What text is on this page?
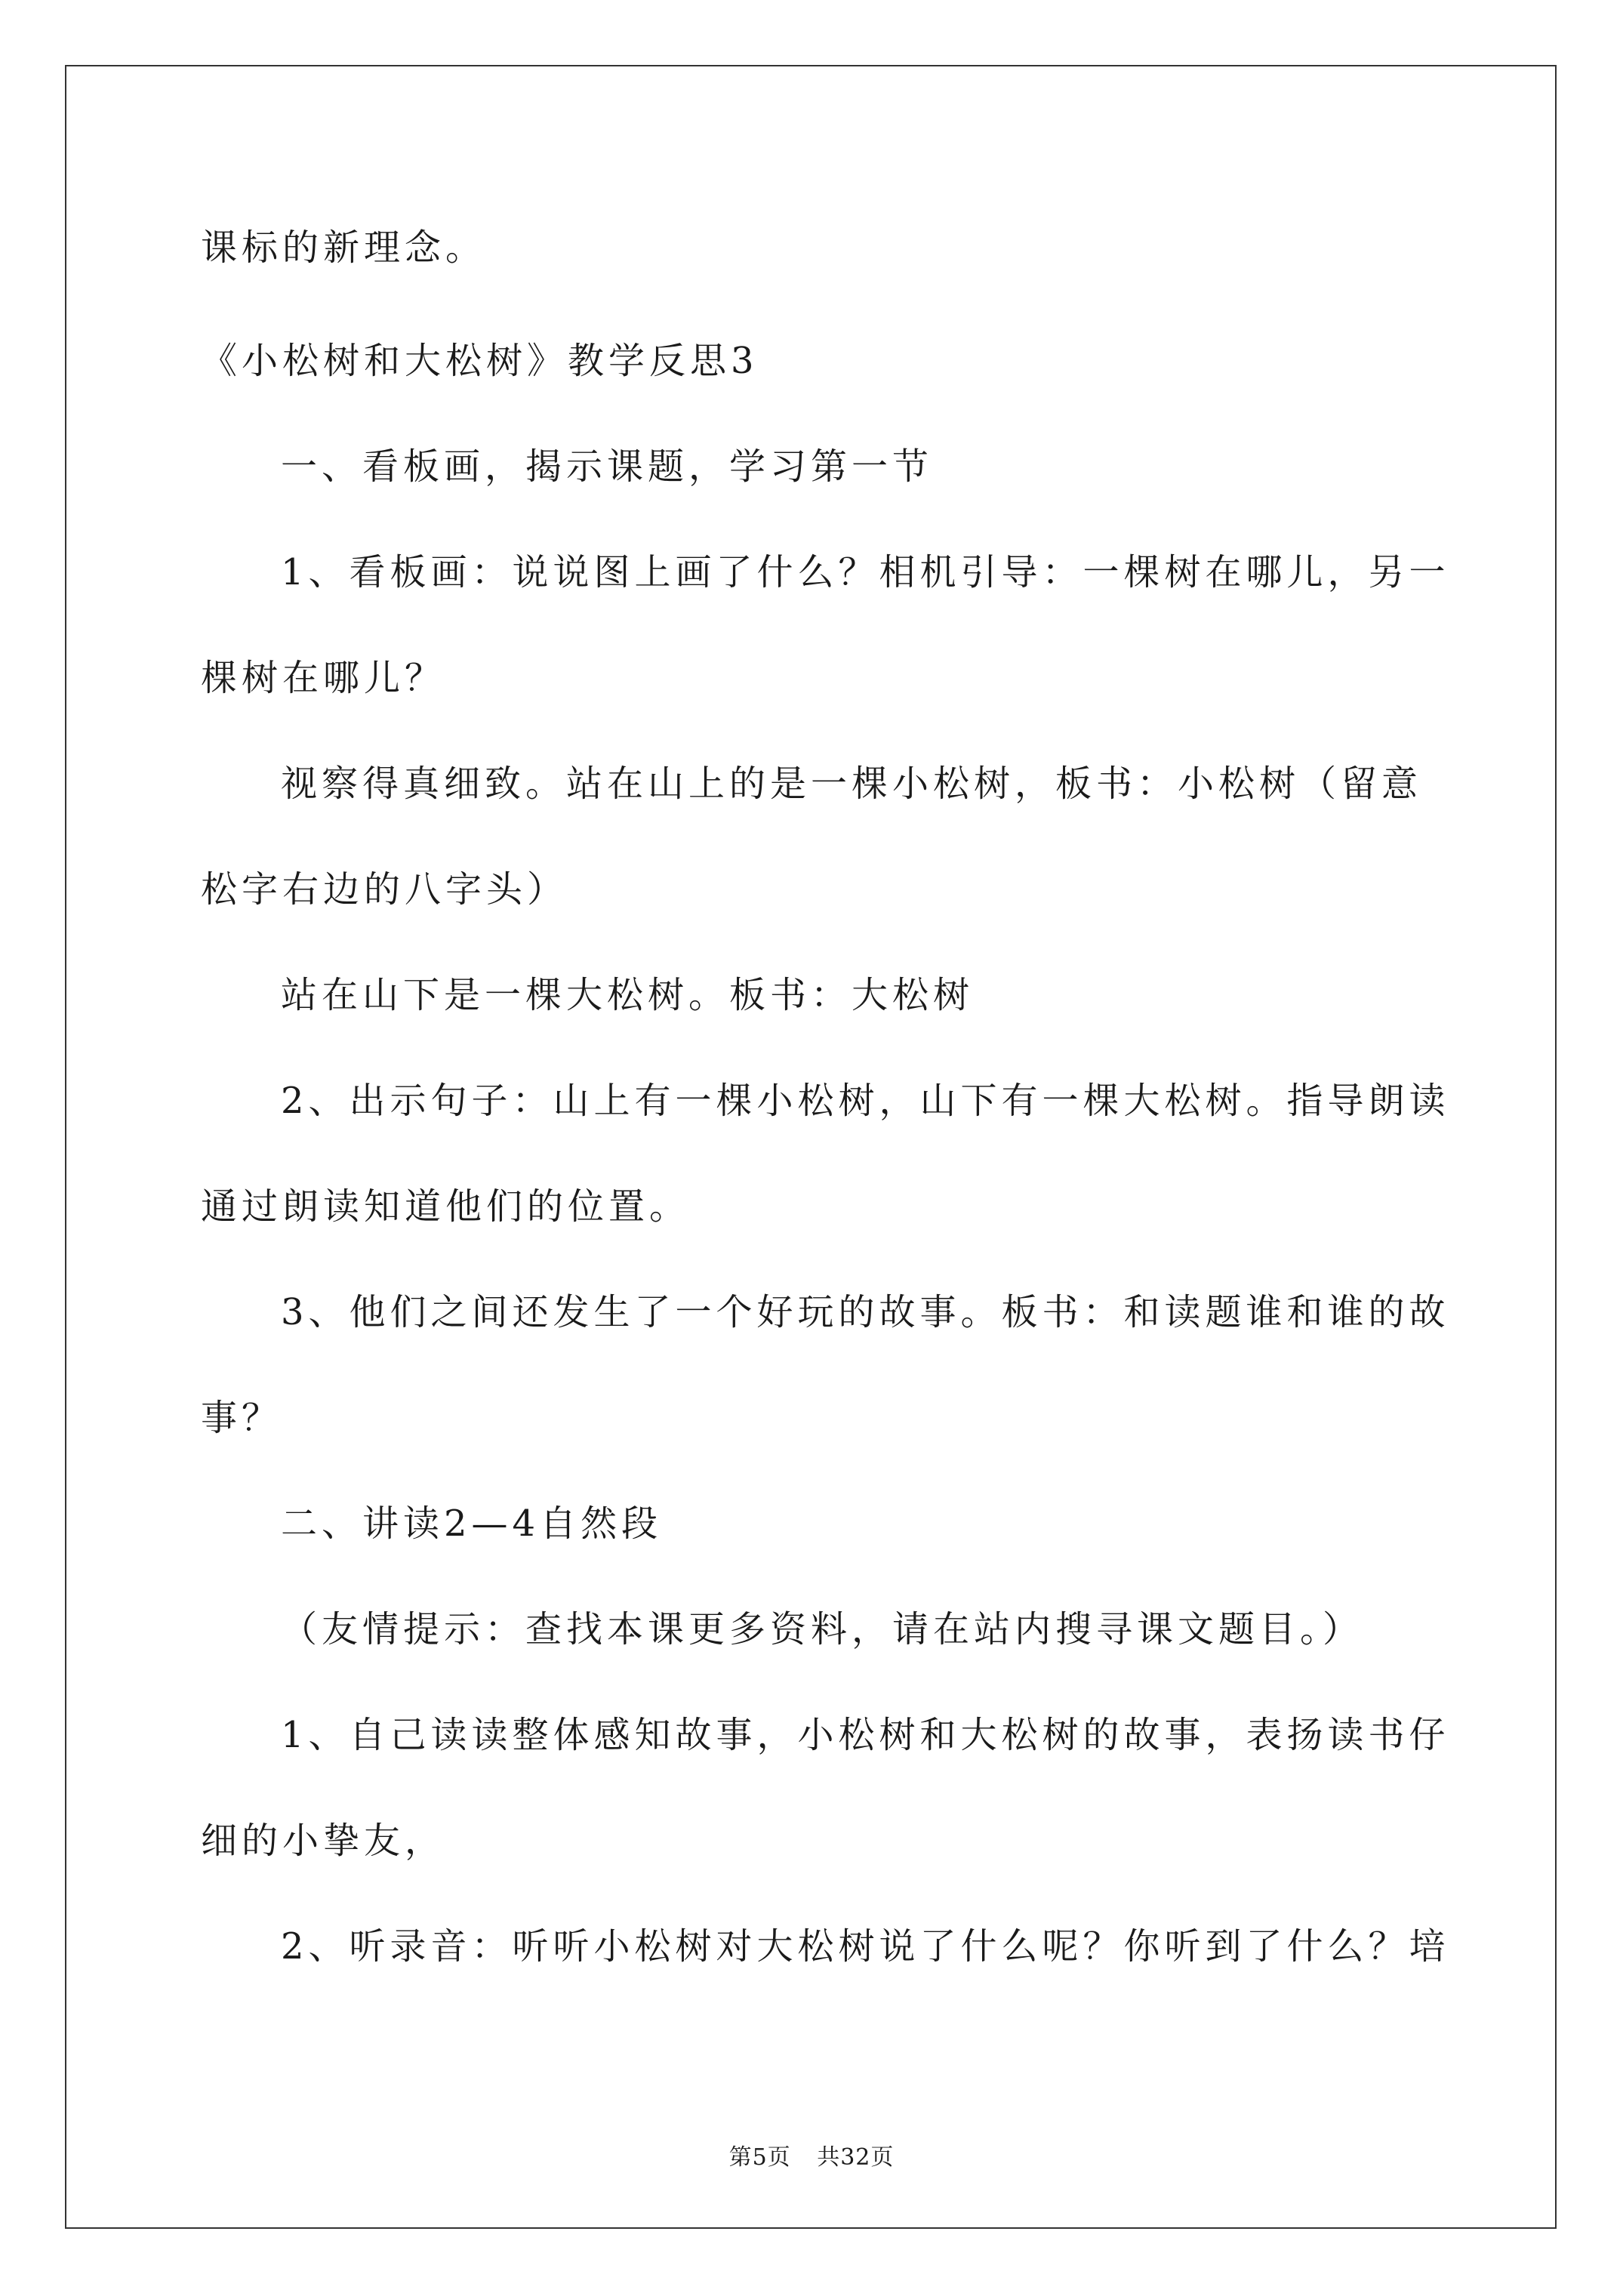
课标的新理念。
《小松树和大松树》教学反思3
一、看板画，揭示课题，学习第一节
1、看板画：说说图上画了什么？相机引导：一棵树在哪儿，另一
棵树在哪儿？
视察得真细致。站在山上的是一棵小松树，板书：小松树（留意
松字右边的八字头）
站在山下是一棵大松树。板书：大松树
2、出示句子：山上有一棵小松树，山下有一棵大松树。指导朗读
通过朗读知道他们的位置。
3、他们之间还发生了一个好玩的故事。板书：和读题谁和谁的故
事？
二、讲读2—4自然段
（友情提示：查找本课更多资料，请在站内搜寻课文题目。）
1、自己读读整体感知故事，小松树和大松树的故事，表扬读书仔
细的小挚友，
2、听录音：听听小松树对大松树说了什么呢？你听到了什么？培
第5页 共32页
